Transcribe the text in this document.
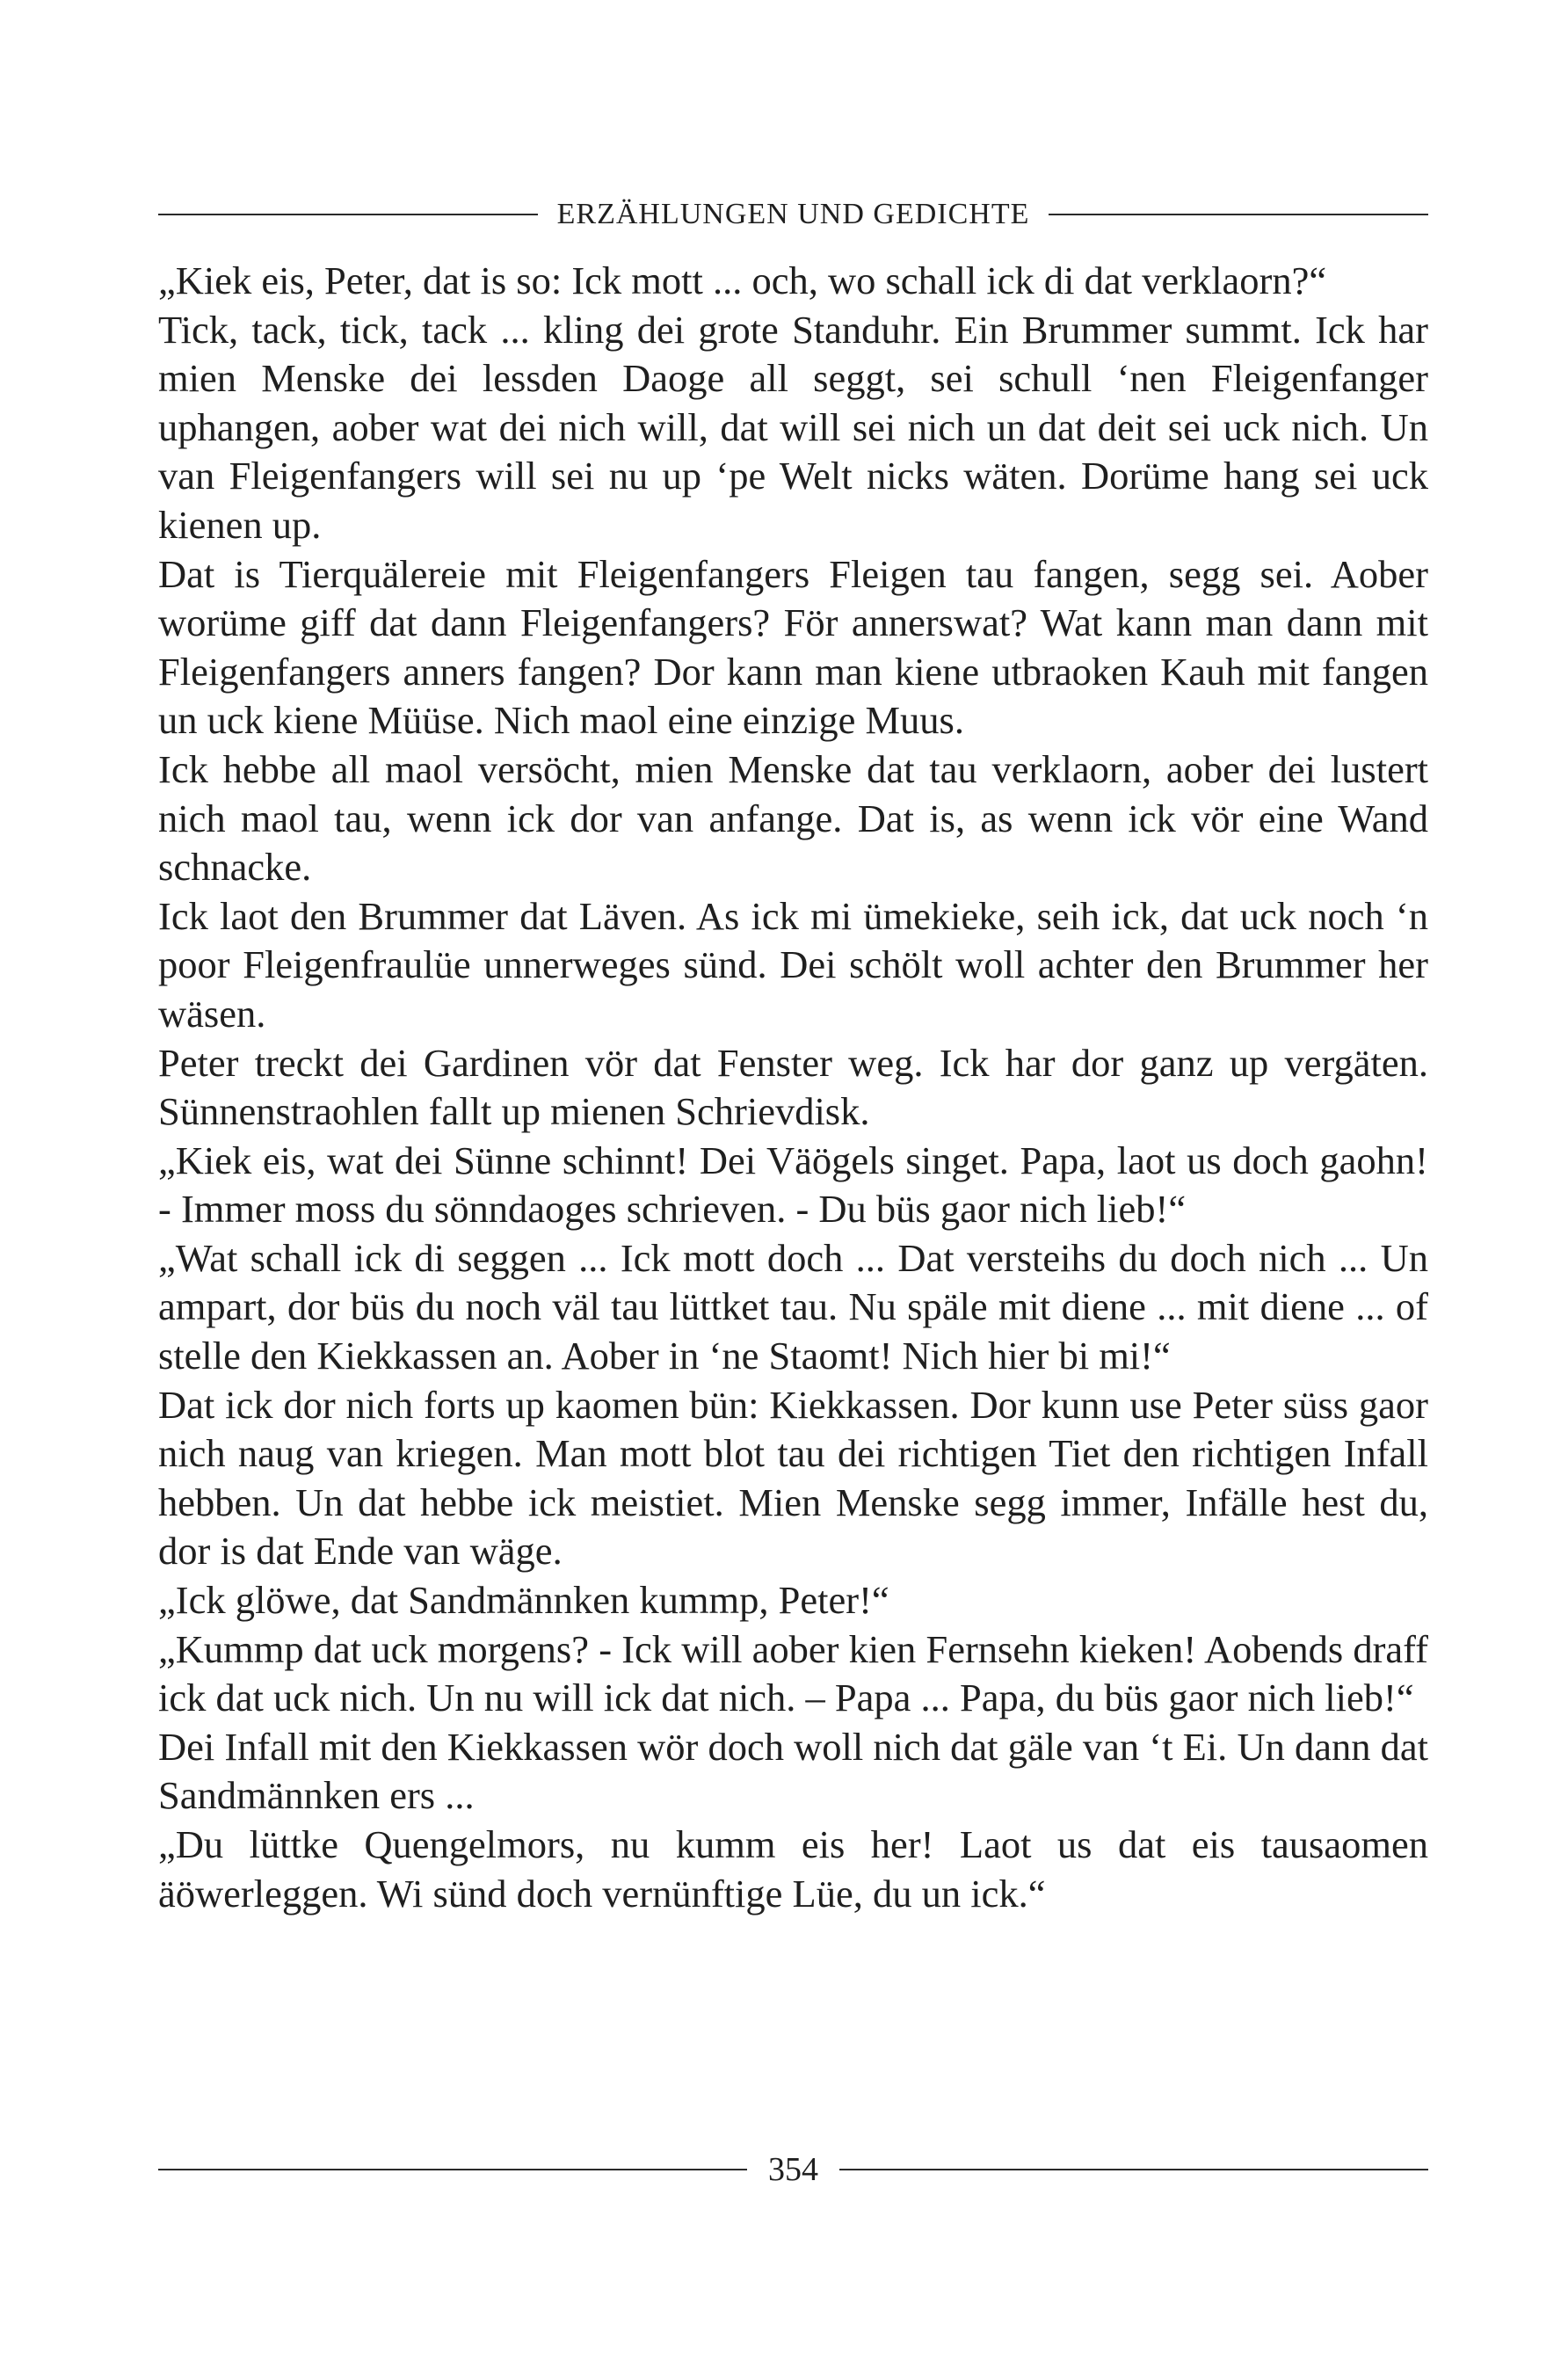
ERZÄHLUNGEN UND GEDICHTE

„Kiek eis, Peter, dat is so: Ick mott ... och, wo schall ick di dat verklaorn?“

Tick, tack, tick, tack ... kling dei grote Standuhr. Ein Brummer summt. Ick har mien Menske dei lessden Daoge all seggt, sei schull ‘nen Fleigenfanger uphangen, aober wat dei nich will, dat will sei nich un dat deit sei uck nich. Un van Fleigenfangers will sei nu up ‘pe Welt nicks wäten. Dorüme hang sei uck kienen up.

Dat is Tierquälereie mit Fleigenfangers Fleigen tau fangen, segg sei. Aober worüme giff dat dann Fleigenfangers? För annerswat? Wat kann man dann mit Fleigenfangers anners fangen? Dor kann man kiene utbraoken Kauh mit fangen un uck kiene Müüse. Nich maol eine einzige Muus.

Ick hebbe all maol versöcht, mien Menske dat tau verklaorn, aober dei lustert nich maol tau, wenn ick dor van anfange. Dat is, as wenn ick vör eine Wand schnacke.

Ick laot den Brummer dat Läven. As ick mi ümekieke, seih ick, dat uck noch ‘n poor Fleigenfraulüe unnerweges sünd. Dei schölt woll achter den Brummer her wäsen.

Peter treckt dei Gardinen vör dat Fenster weg. Ick har dor ganz up vergäten. Sünnenstraohlen fallt up mienen Schrievdisk.

„Kiek eis, wat dei Sünne schinnt! Dei Väögels singet. Papa, laot us doch gaohn! - Immer moss du sönndaoges schrieven. - Du büs gaor nich lieb!“

„Wat schall ick di seggen ... Ick mott doch ... Dat versteihs du doch nich ... Un ampart, dor büs du noch väl tau lüttket tau. Nu späle mit diene ... mit diene ... of stelle den Kiekkassen an. Aober in ‘ne Staomt! Nich hier bi mi!“

Dat ick dor nich forts up kaomen bün: Kiekkassen. Dor kunn use Peter süss gaor nich naug van kriegen. Man mott blot tau dei richtigen Tiet den richtigen Infall hebben. Un dat hebbe ick meistiet. Mien Menske segg immer, Infälle hest du, dor is dat Ende van wäge.

„Ick glöwe, dat Sandmännken kummp, Peter!“

„Kummp dat uck morgens? - Ick will aober kien Fernsehn kieken! Aobends draff ick dat uck nich. Un nu will ick dat nich. – Papa ... Papa, du büs gaor nich lieb!“

Dei Infall mit den Kiekkassen wör doch woll nich dat gäle van ‘t Ei. Un dann dat Sandmännken ers ...

„Du lüttke Quengelmors, nu kumm eis her! Laot us dat eis tausaomen äöwerleggen. Wi sünd doch vernünftige Lüe, du un ick.“

354
